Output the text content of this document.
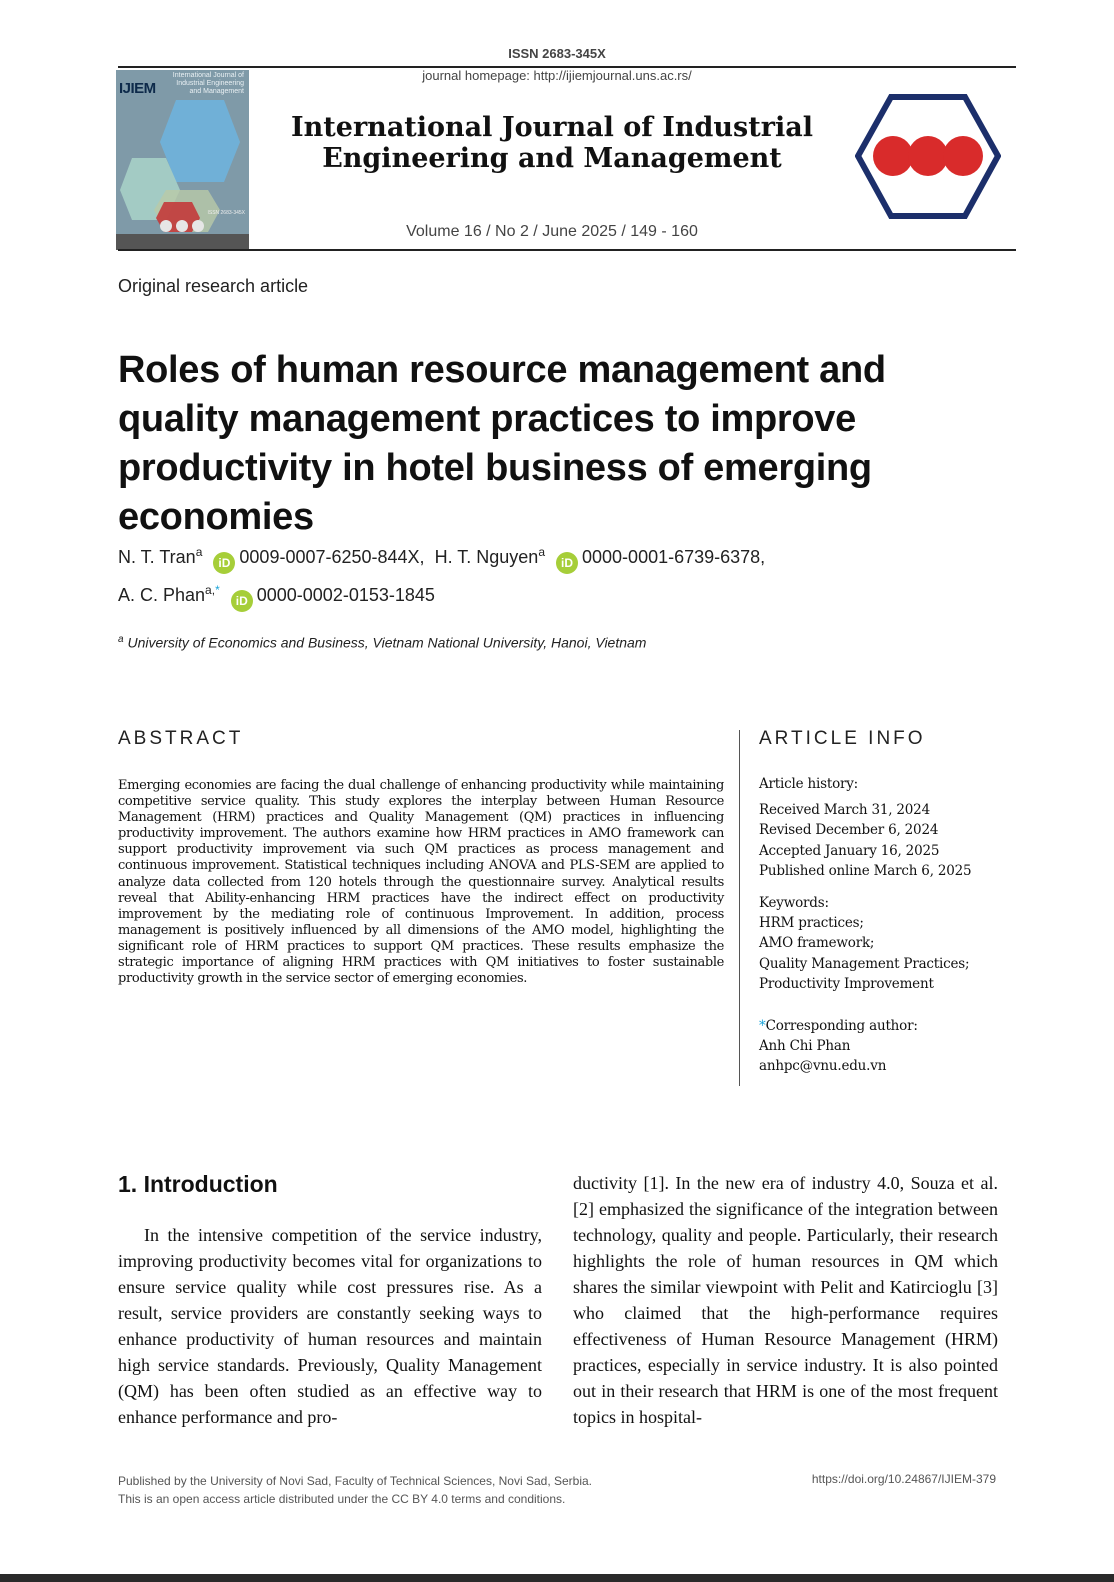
ISSN 2683-345X
journal homepage: http://ijiemjournal.uns.ac.rs/
IJIEM
International Journal of Industrial Engineering and Management
ISSN 2683-345X
International Journal of Industrial
Engineering and Management
Volume 16 / No 2 / June 2025 / 149 - 160
Original research article
Roles of human resource management and quality management practices to improve productivity in hotel business of emerging economies
N. T. Tran$^a$ iD 0009-0007-6250-844X, H. T. Nguyen$^a$ iD 0000-0001-6739-6378,
A. C. Phan$^{a,*}$ iD 0000-0002-0153-1845
$^a$ University of Economics and Business, Vietnam National University, Hanoi, Vietnam
ABSTRACT
Emerging economies are facing the dual challenge of enhancing productivity while maintaining competitive service quality. This study explores the interplay between Human Resource Management (HRM) practices and Quality Management (QM) practices in influencing productivity improvement. The authors examine how HRM practices in AMO framework can support productivity improvement via such QM practices as process management and continuous improvement. Statistical techniques including ANOVA and PLS-SEM are applied to analyze data collected from 120 hotels through the questionnaire survey. Analytical results reveal that Ability-enhancing HRM practices have the indirect effect on productivity improvement by the mediating role of continuous Improvement. In addition, process management is positively influenced by all dimensions of the AMO model, highlighting the significant role of HRM practices to support QM practices. These results emphasize the strategic importance of aligning HRM practices with QM initiatives to foster sustainable productivity growth in the service sector of emerging economies.
ARTICLE INFO
Article history:
Received March 31, 2024
Revised December 6, 2024
Accepted January 16, 2025
Published online March 6, 2025
Keywords:
HRM practices;
AMO framework;
Quality Management Practices;
Productivity Improvement
*Corresponding author:
Anh Chi Phan
anhpc@vnu.edu.vn
1. Introduction
In the intensive competition of the service industry, improving productivity becomes vital for organizations to ensure service quality while cost pressures rise. As a result, service providers are constantly seeking ways to enhance productivity of human resources and maintain high service standards. Previously, Quality Management (QM) has been often studied as an effective way to enhance performance and pro-
ductivity [1]. In the new era of industry 4.0, Souza et al. [2] emphasized the significance of the integration between technology, quality and people. Particularly, their research highlights the role of human resources in QM which shares the similar viewpoint with Pelit and Katircioglu [3] who claimed that the high-performance requires effectiveness of Human Resource Management (HRM) practices, especially in service industry. It is also pointed out in their research that HRM is one of the most frequent topics in hospital-
Published by the University of Novi Sad, Faculty of Technical Sciences, Novi Sad, Serbia.
This is an open access article distributed under the CC BY 4.0 terms and conditions.
https://doi.org/10.24867/IJIEM-379
